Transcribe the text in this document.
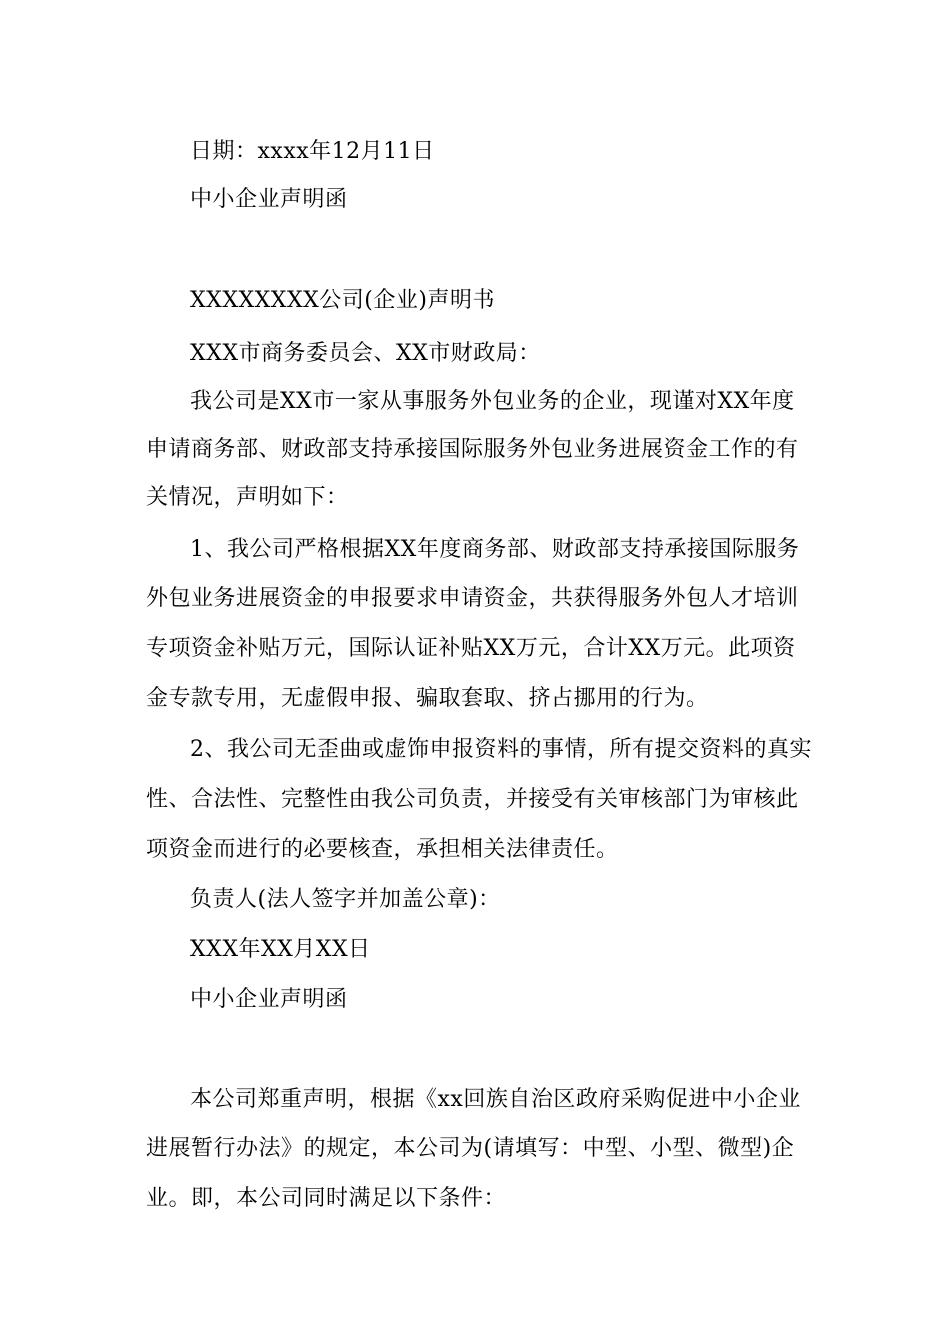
日期：xxxx年12月11日
中小企业声明函
XXXXXXXX公司(企业)声明书
XXX市商务委员会、XX市财政局：
我公司是XX市一家从事服务外包业务的企业，现谨对XX年度
申请商务部、财政部支持承接国际服务外包业务进展资金工作的有
关情况，声明如下：
1、我公司严格根据XX年度商务部、财政部支持承接国际服务
外包业务进展资金的申报要求申请资金，共获得服务外包人才培训
专项资金补贴万元，国际认证补贴XX万元，合计XX万元。此项资
金专款专用，无虚假申报、骗取套取、挤占挪用的行为。
2、我公司无歪曲或虚饰申报资料的事情，所有提交资料的真实
性、合法性、完整性由我公司负责，并接受有关审核部门为审核此
项资金而进行的必要核查，承担相关法律责任。
负责人(法人签字并加盖公章)：
XXX年XX月XX日
中小企业声明函
本公司郑重声明，根据《xx回族自治区政府采购促进中小企业
进展暂行办法》的规定，本公司为(请填写：中型、小型、微型)企
业。即，本公司同时满足以下条件：
